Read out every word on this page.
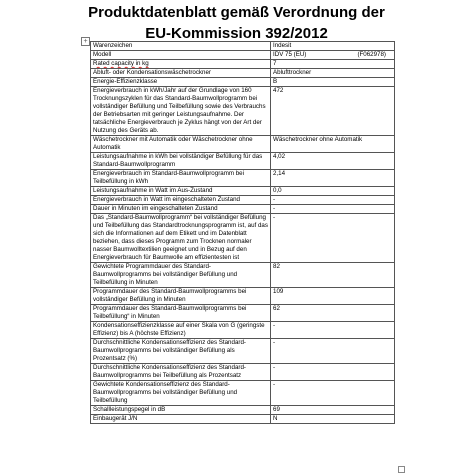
Produktdatenblatt gemäß Verordnung der
EU-Kommission 392/2012
+
Warenzeichen	Indesit
Modell	IDV 75 (EU) (F062978)

Rated capacity in kg	7
Abluft- oder Kondensationswäschetrockner	Ablufttrockner
Energie-Effizienzklasse	B
Energieverbrauch in kWh/Jahr auf der Grundlage von 160 Trocknungszyklen für das Standard-Baumwollprogramm bei vollständiger Befüllung und Teilbefüllung sowie des Verbrauchs der Betriebsarten mit geringer Leistungsaufnahme. Der tatsächliche Energieverbrauch je Zyklus hängt von der Art der Nutzung des Geräts ab.	472
Wäschetrockner mit Automatik oder Wäschetrockner ohne Automatik	Wäschetrockner ohne Automatik
Leistungsaufnahme in kWh bei vollständiger Befüllung für das Standard-Baumwollprogramm	4,02
Energieverbrauch im Standard-Baumwollprogramm bei Teilbefüllung in kWh	2,14
Leistungsaufnahme in Watt im Aus-Zustand	0,0
Energieverbrauch in Watt im eingeschalteten Zustand	-
Dauer in Minuten im eingeschalteten Zustand	-
Das „Standard-Baumwollprogramm“ bei vollständiger Befüllung und Teilbefüllung das Standardtrocknungsprogramm ist, auf das sich die Informationen auf dem Etikett und im Datenblatt beziehen, dass dieses Programm zum Trocknen normaler nasser Baumwolltextilien geeignet und in Bezug auf den Energieverbrauch für Baumwolle am effizientesten ist	-
Gewichtete Programmdauer des Standard-Baumwollprogramms bei vollständiger Befüllung und Teilbefüllung in Minuten	82
Programmdauer des Standard-Baumwollprogramms bei vollständiger Befüllung in Minuten	109
Programmdauer des Standard-Baumwollprogramms bei Teilbefüllung“ in Minuten	62
Kondensationseffizienzklasse auf einer Skala von G (geringste Effizienz) bis A (höchste Effizienz)	-
Durchschnittliche Kondensationseffizienz des Standard-Baumwollprogramms bei vollständiger Befüllung als Prozentsatz (%)	-
Durchschnittliche Kondensationseffizienz des Standard-Baumwollprogramms bei Teilbefüllung als Prozentsatz	-
Gewichtete Kondensationseffizienz des Standard-Baumwollprogramms bei vollständiger Befüllung und Teilbefüllung	-
Schallleistungspegel in dB	69
Einbaugerät J/N	N
